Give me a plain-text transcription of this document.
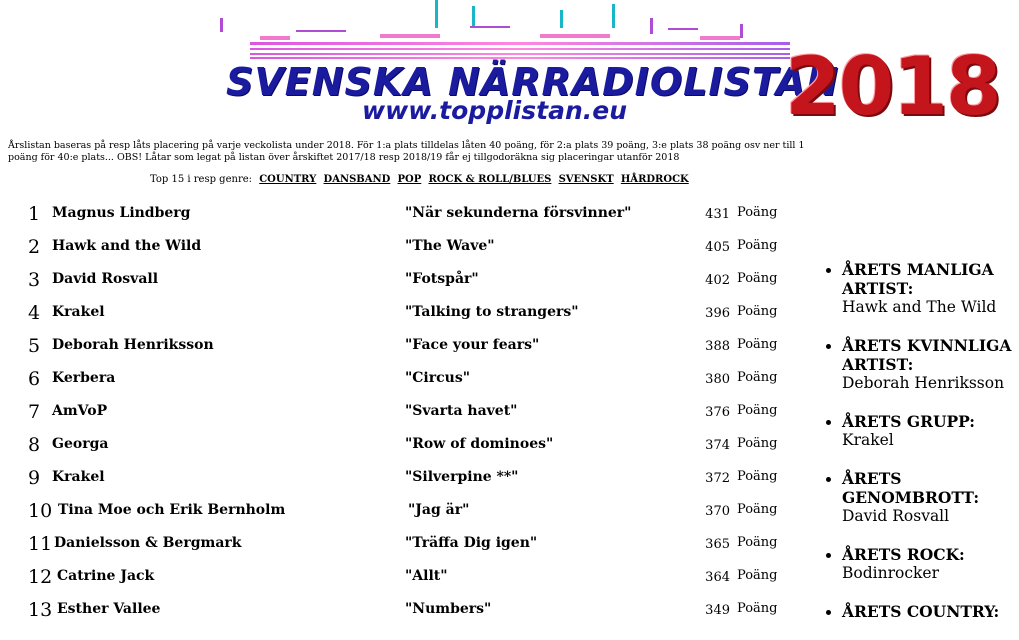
SVENSKA NÄRRADIOLISTAN
www.topplistan.eu 2018
Årslistan baseras på resp låts placering på varje veckolista under 2018. För 1:a plats tilldelas låten 40 poäng, för 2:a plats 39 poäng, 3:e plats 38 poäng osv ner till 1 poäng för 40:e plats... OBS! Låtar som legat på listan över årskiftet 2017/18 resp 2018/19 får ej tillgodoräkna sig placeringar utanför 2018
Top 15 i resp genre: COUNTRY DANSBAND POP ROCK & ROLL/BLUES SVENSKT HÅRDROCK
1 Magnus Lindberg	"När sekunderna försvinner"	431 Poäng
2 Hawk and the Wild	"The Wave"	405 Poäng
3 David Rosvall	"Fotspår"	402 Poäng
4 Krakel	"Talking to strangers"	396 Poäng
5 Deborah Henriksson	"Face your fears"	388 Poäng
6 Kerbera	"Circus"	380 Poäng
7 AmVoP	"Svarta havet"	376 Poäng
8 Georga	"Row of dominoes"	374 Poäng
9 Krakel	"Silverpine **"	372 Poäng
10 Tina Moe och Erik Bernholm	"Jag är"	370 Poäng
11 Danielsson & Bergmark	"Träffa Dig igen"	365 Poäng
12 Catrine Jack	"Allt"	364 Poäng
13 Esther Vallee	"Numbers"	349 Poäng
• ÅRETS MANLIGA ARTIST:
Hawk and The Wild
• ÅRETS KVINNLIGA ARTIST:
Deborah Henriksson
• ÅRETS GRUPP:
Krakel
• ÅRETS GENOMBROTT:
David Rosvall
• ÅRETS ROCK:
Bodinrocker
• ÅRETS COUNTRY:
